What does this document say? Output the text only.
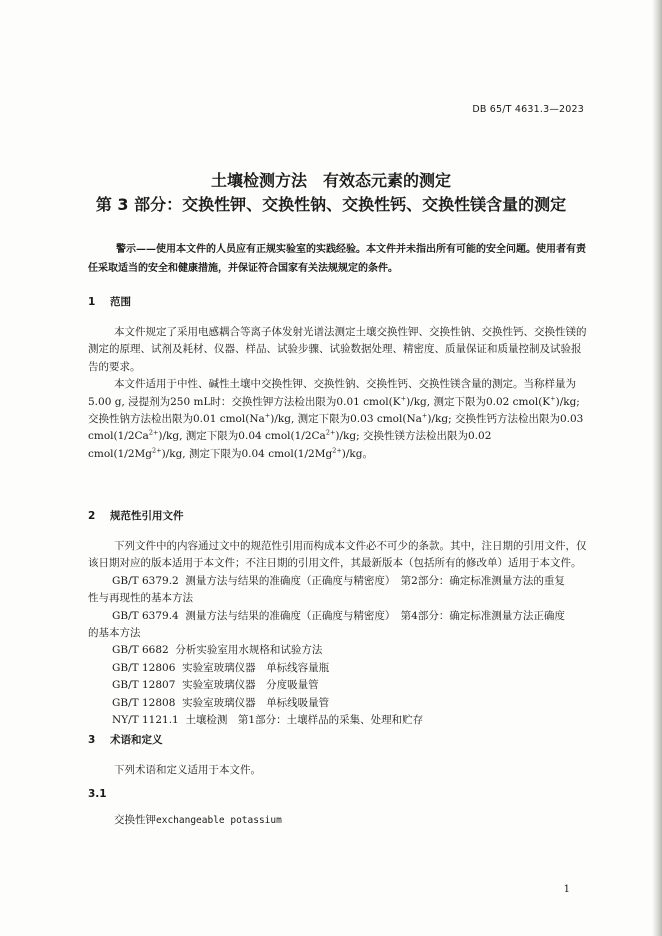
DB 65/T 4631.3—2023
土壤检测方法　有效态元素的测定
第 3 部分：交换性钾、交换性钠、交换性钙、交换性镁含量的测定
警示——使用本文件的人员应有正规实验室的实践经验。本文件并未指出所有可能的安全问题。使用者有责任采取适当的安全和健康措施，并保证符合国家有关法规规定的条件。
1 范围

本文件规定了采用电感耦合等离子体发射光谱法测定土壤交换性钾、交换性钠、交换性钙、交换性镁的测定的原理、试剂及耗材、仪器、样品、试验步骤、试验数据处理、精密度、质量保证和质量控制及试验报告的要求。

本文件适用于中性、碱性土壤中交换性钾、交换性钠、交换性钙、交换性镁含量的测定。当称样量为5.00 g, 浸提剂为250 mL时：交换性钾方法检出限为0.01 cmol(K+)/kg, 测定下限为0.02 cmol(K+)/kg; 交换性钠方法检出限为0.01 cmol(Na+)/kg, 测定下限为0.03 cmol(Na+)/kg; 交换性钙方法检出限为0.03 $cmol(1/2Ca^{2+})/kg$, 测定下限为0.04 $cmol(1/2Ca^{2+})/kg$; 交换性镁方法检出限为0.02 $cmol(1/2Mg^{2+})/kg$, 测定下限为0.04 $cmol(1/2Mg^{2+})/kg$。

2 规范性引用文件

下列文件中的内容通过文中的规范性引用而构成本文件必不可少的条款。其中，注日期的引用文件，仅该日期对应的版本适用于本文件；不注日期的引用文件，其最新版本（包括所有的修改单）适用于本文件。

GB/T 6379.2 测量方法与结果的准确度（正确度与精密度）　第2部分：确定标准测量方法的重复
性与再现性的基本方法
GB/T 6379.4 测量方法与结果的准确度（正确度与精密度）　第4部分：确定标准测量方法正确度
的基本方法
GB/T 6682 分析实验室用水规格和试验方法
GB/T 12806 实验室玻璃仪器　单标线容量瓶
GB/T 12807 实验室玻璃仪器　分度吸量管
GB/T 12808 实验室玻璃仪器　单标线吸量管
NY/T 1121.1 土壤检测　第1部分：土壤样品的采集、处理和贮存
3 术语和定义

下列术语和定义适用于本文件。

3.1
交换性钾exchangeable potassium
1
